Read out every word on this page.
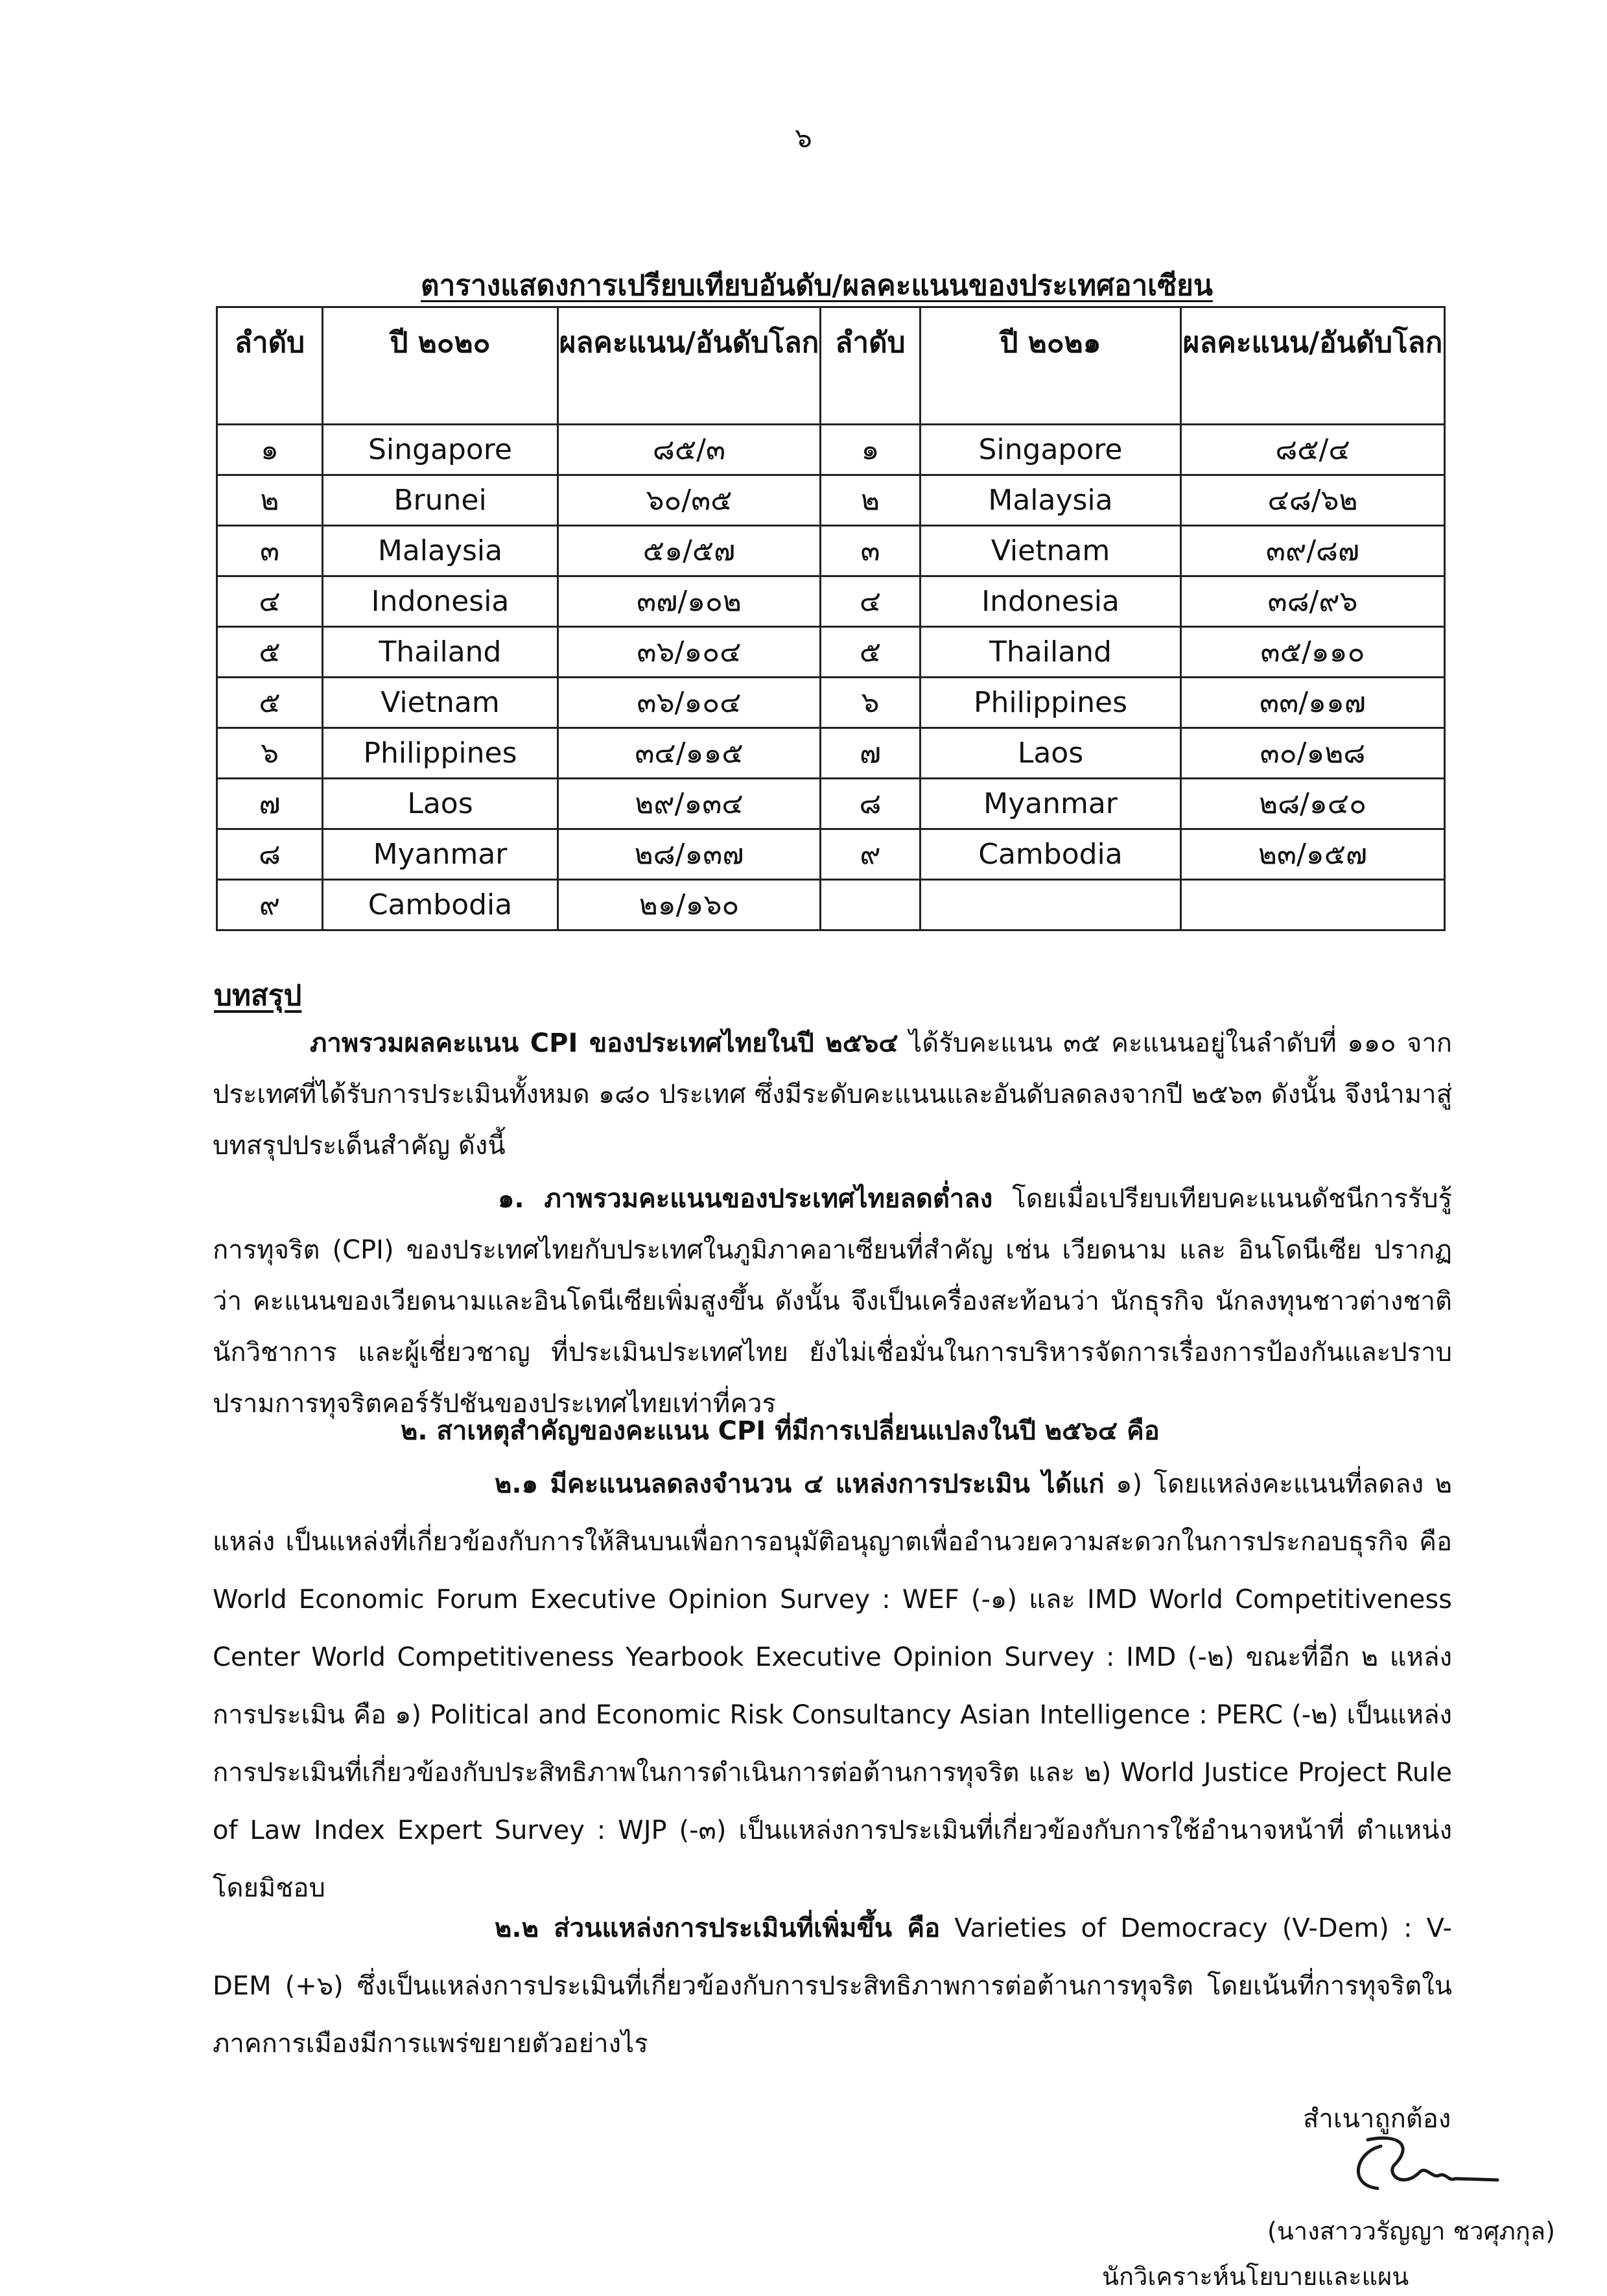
๖
ตารางแสดงการเปรียบเทียบอันดับ/ผลคะแนนของประเทศอาเซียน
ลำดับ	ปี ๒๐๒๐	ผลคะแนน/อันดับโลก	ลำดับ	ปี ๒๐๒๑	ผลคะแนน/อันดับโลก
๑	Singapore	๘๕/๓	๑	Singapore	๘๕/๔
๒	Brunei	๖๐/๓๕	๒	Malaysia	๔๘/๖๒
๓	Malaysia	๕๑/๕๗	๓	Vietnam	๓๙/๘๗
๔	Indonesia	๓๗/๑๐๒	๔	Indonesia	๓๘/๙๖
๕	Thailand	๓๖/๑๐๔	๕	Thailand	๓๕/๑๑๐
๕	Vietnam	๓๖/๑๐๔	๖	Philippines	๓๓/๑๑๗
๖	Philippines	๓๔/๑๑๕	๗	Laos	๓๐/๑๒๘
๗	Laos	๒๙/๑๓๔	๘	Myanmar	๒๘/๑๔๐
๘	Myanmar	๒๘/๑๓๗	๙	Cambodia	๒๓/๑๕๗
๙	Cambodia	๒๑/๑๖๐			
บทสรุป
ภาพรวมผลคะแนน CPI ของประเทศไทยในปี ๒๕๖๔ ได้รับคะแนน ๓๕ คะแนนอยู่ในลำดับที่ ๑๑๐ จากประเทศที่ได้รับการประเมินทั้งหมด ๑๘๐ ประเทศ ซึ่งมีระดับคะแนนและอันดับลดลงจากปี ๒๕๖๓ ดังนั้น จึงนำมาสู่บทสรุปประเด็นสำคัญ ดังนี้
๑. ภาพรวมคะแนนของประเทศไทยลดต่ำลง โดยเมื่อเปรียบเทียบคะแนนดัชนีการรับรู้การทุจริต (CPI) ของประเทศไทยกับประเทศในภูมิภาคอาเซียนที่สำคัญ เช่น เวียดนาม และ อินโดนีเซีย ปรากฏว่า คะแนนของเวียดนามและอินโดนีเซียเพิ่มสูงขึ้น ดังนั้น จึงเป็นเครื่องสะท้อนว่า นักธุรกิจ นักลงทุนชาวต่างชาติ นักวิชาการ และผู้เชี่ยวชาญ ที่ประเมินประเทศไทย ยังไม่เชื่อมั่นในการบริหารจัดการเรื่องการป้องกันและปราบปรามการทุจริตคอร์รัปชันของประเทศไทยเท่าที่ควร
๒. สาเหตุสำคัญของคะแนน CPI ที่มีการเปลี่ยนแปลงในปี ๒๕๖๔ คือ
๒.๑ มีคะแนนลดลงจำนวน ๔ แหล่งการประเมิน ได้แก่ ๑) โดยแหล่งคะแนนที่ลดลง ๒ แหล่ง เป็นแหล่งที่เกี่ยวข้องกับการให้สินบนเพื่อการอนุมัติอนุญาตเพื่ออำนวยความสะดวกในการประกอบธุรกิจ คือ World Economic Forum Executive Opinion Survey : WEF (-๑) และ IMD World Competitiveness Center World Competitiveness Yearbook Executive Opinion Survey : IMD (-๒) ขณะที่อีก ๒ แหล่งการประเมิน คือ ๑) Political and Economic Risk Consultancy Asian Intelligence : PERC (-๒) เป็นแหล่งการประเมินที่เกี่ยวข้องกับประสิทธิภาพในการดำเนินการต่อต้านการทุจริต และ ๒) World Justice Project Rule of Law Index Expert Survey : WJP (-๓) เป็นแหล่งการประเมินที่เกี่ยวข้องกับการใช้อำนาจหน้าที่ ตำแหน่งโดยมิชอบ
๒.๒ ส่วนแหล่งการประเมินที่เพิ่มขึ้น คือ Varieties of Democracy (V-Dem) : V-DEM (+๖) ซึ่งเป็นแหล่งการประเมินที่เกี่ยวข้องกับการประสิทธิภาพการต่อต้านการทุจริต โดยเน้นที่การทุจริตในภาคการเมืองมีการแพร่ขยายตัวอย่างไร
สำเนาถูกต้อง
(นางสาววรัญญา ชวศุภกุล)
นักวิเคราะห์นโยบายและแผน
